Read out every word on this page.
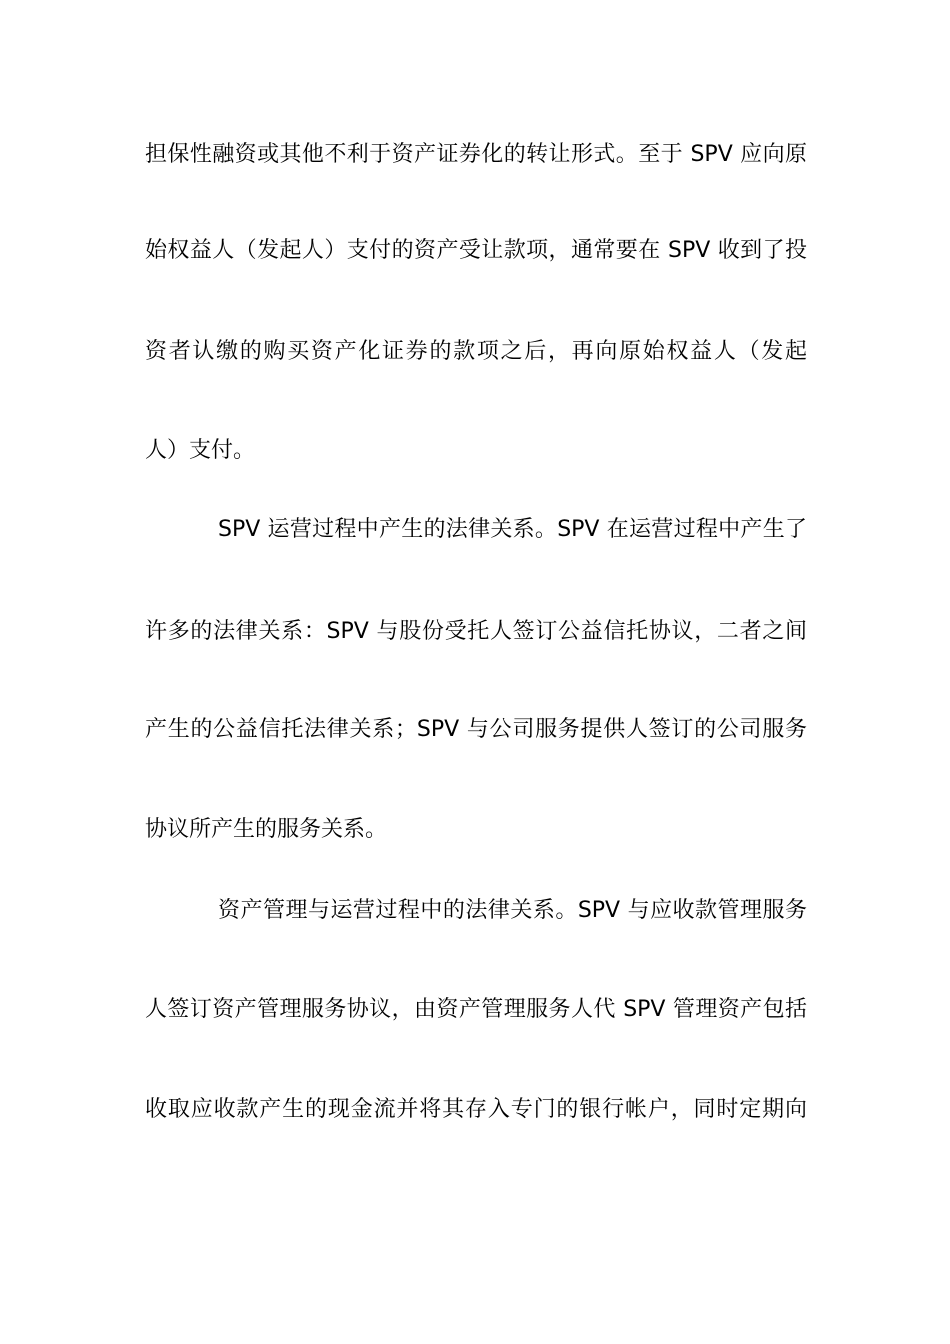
担保性融资或其他不利于资产证券化的转让形式。至于 SPV 应向原
始权益人（发起人）支付的资产受让款项，通常要在 SPV 收到了投
资者认缴的购买资产化证券的款项之后，再向原始权益人（发起
人）支付。
SPV 运营过程中产生的法律关系。SPV 在运营过程中产生了
许多的法律关系：SPV 与股份受托人签订公益信托协议，二者之间
产生的公益信托法律关系；SPV 与公司服务提供人签订的公司服务
协议所产生的服务关系。
资产管理与运营过程中的法律关系。SPV 与应收款管理服务
人签订资产管理服务协议，由资产管理服务人代 SPV 管理资产包括
收取应收款产生的现金流并将其存入专门的银行帐户，同时定期向
